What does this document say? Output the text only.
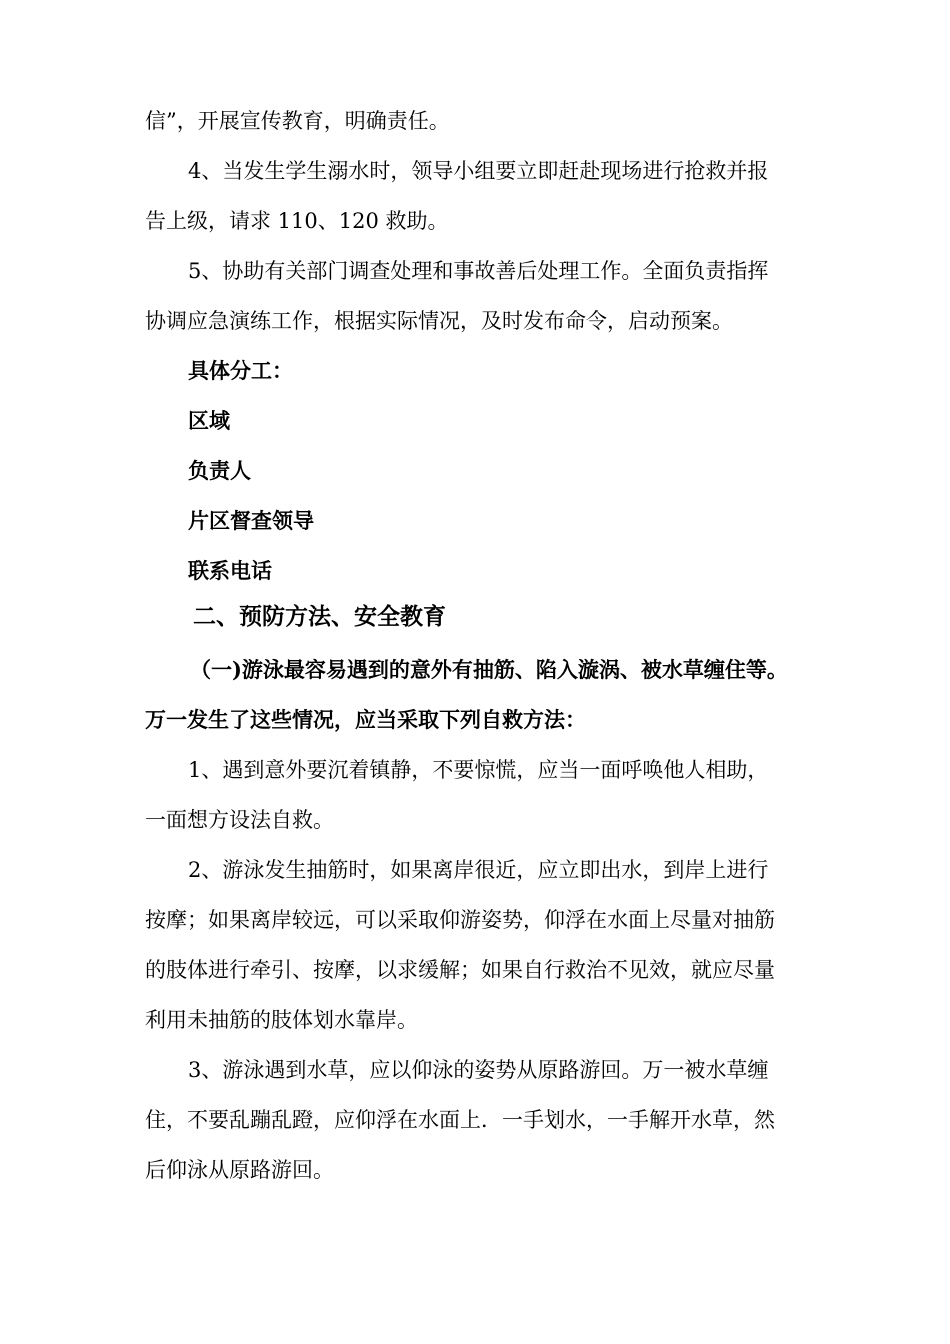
信”，开展宣传教育，明确责任。
4、当发生学生溺水时，领导小组要立即赶赴现场进行抢救并报
告上级，请求 110、120 救助。
5、协助有关部门调查处理和事故善后处理工作。全面负责指挥
协调应急演练工作，根据实际情况，及时发布命令，启动预案。
具体分工：
区域
负责人
片区督查领导
联系电话
二、预防方法、安全教育
（一)游泳最容易遇到的意外有抽筋、陷入漩涡、被水草缠住等。
万一发生了这些情况，应当采取下列自救方法：
1、遇到意外要沉着镇静，不要惊慌，应当一面呼唤他人相助，
一面想方设法自救。
2、游泳发生抽筋时，如果离岸很近，应立即出水，到岸上进行
按摩；如果离岸较远，可以采取仰游姿势，仰浮在水面上尽量对抽筋
的肢体进行牵引、按摩，以求缓解；如果自行救治不见效，就应尽量
利用未抽筋的肢体划水靠岸。
3、游泳遇到水草，应以仰泳的姿势从原路游回。万一被水草缠
住，不要乱蹦乱蹬，应仰浮在水面上．一手划水，一手解开水草，然
后仰泳从原路游回。
